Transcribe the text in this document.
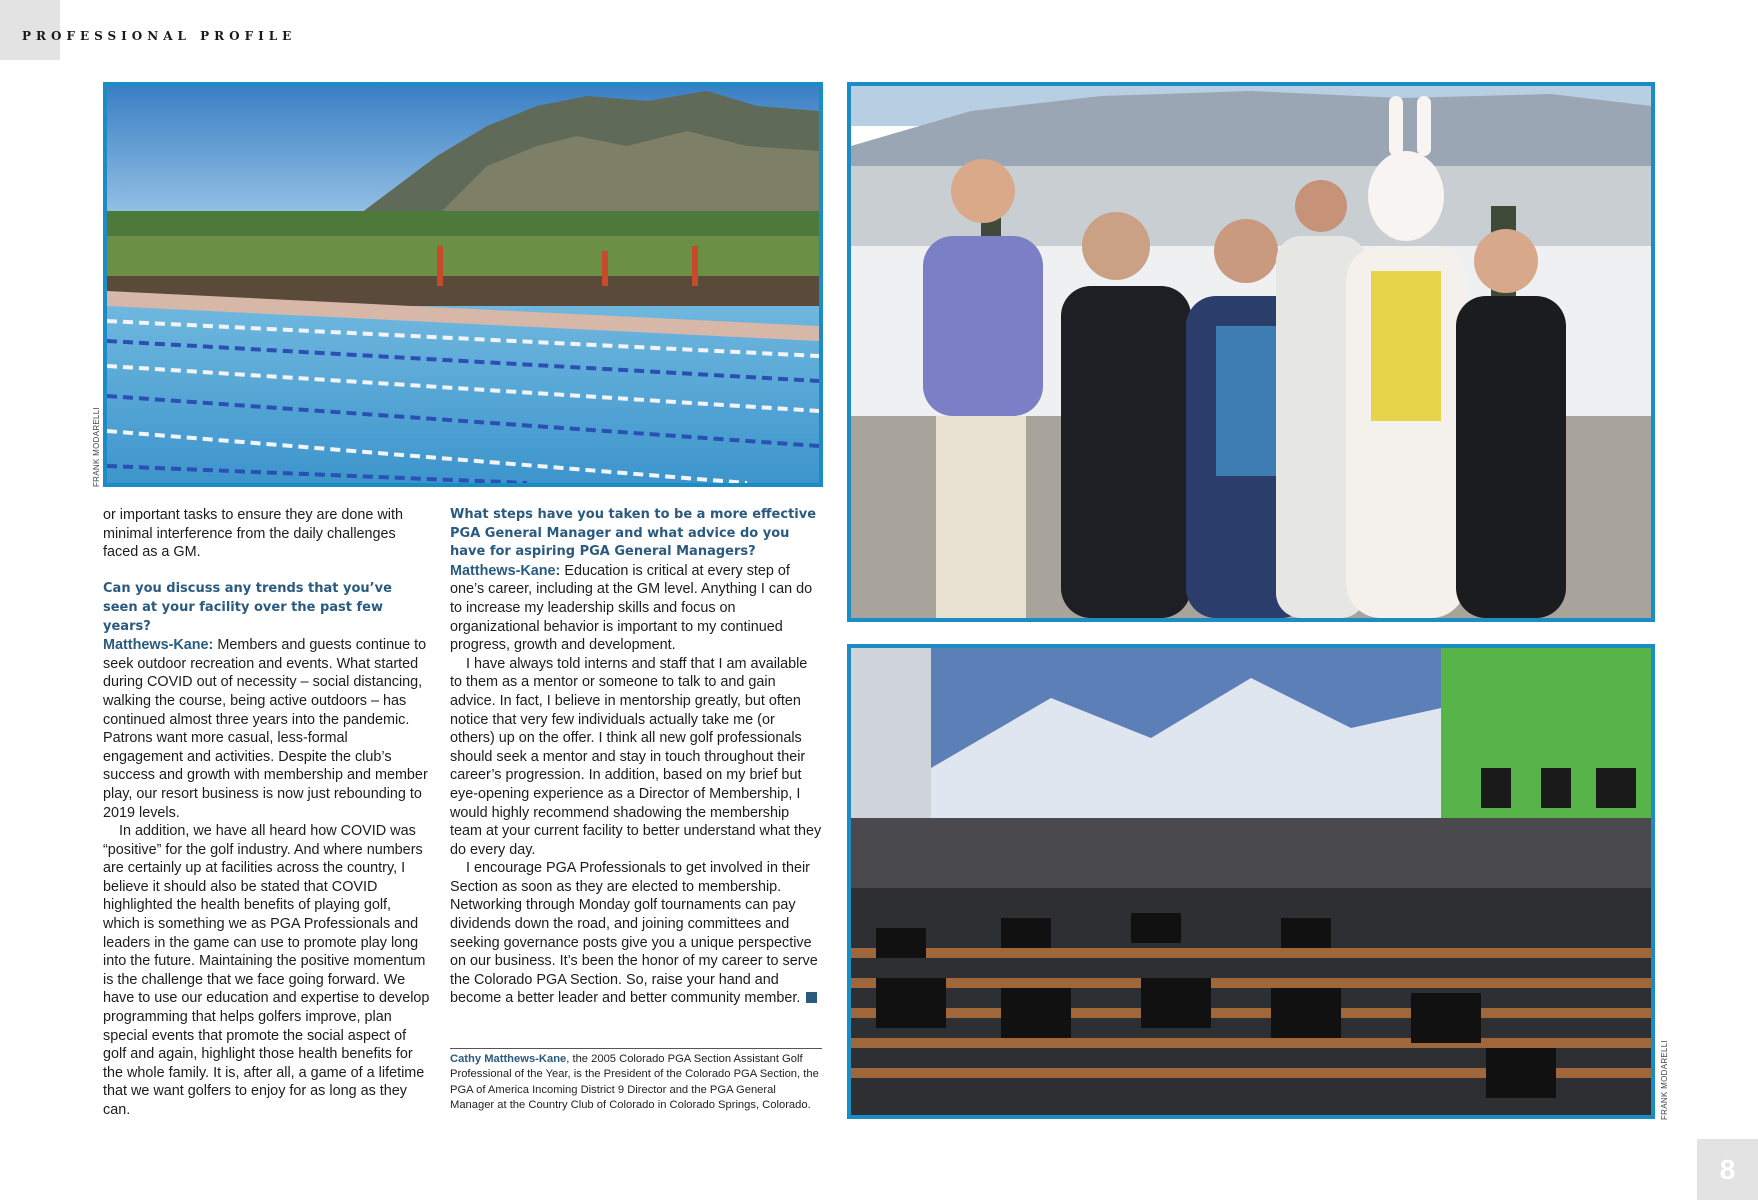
PROFESSIONAL PROFILE
FRANK MODARELLI
FRANK MODARELLI

or important tasks to ensure they are done with minimal interference from the daily challenges faced as a GM.

Can you discuss any trends that you’ve seen at your facility over the past few years?

Matthews-Kane: Members and guests continue to seek outdoor recreation and events. What started during COVID out of necessity – social distancing, walking the course, being active outdoors – has continued almost three years into the pandemic. Patrons want more casual, less-formal engagement and activities. Despite the club’s success and growth with membership and member play, our resort business is now just rebounding to 2019 levels.

In addition, we have all heard how COVID was “positive” for the golf industry. And where numbers are certainly up at facilities across the country, I believe it should also be stated that COVID highlighted the health benefits of playing golf, which is something we as PGA Professionals and leaders in the game can use to promote play long into the future. Maintaining the positive momentum is the challenge that we face going forward. We have to use our education and expertise to develop programming that helps golfers improve, plan special events that promote the social aspect of golf and again, highlight those health benefits for the whole family. It is, after all, a game of a lifetime that we want golfers to enjoy for as long as they can.

What steps have you taken to be a more effective PGA General Manager and what advice do you have for aspiring PGA General Managers?

Matthews-Kane: Education is critical at every step of one’s career, including at the GM level. Anything I can do to increase my leadership skills and focus on organizational behavior is important to my continued progress, growth and development.

I have always told interns and staff that I am available to them as a mentor or someone to talk to and gain advice. In fact, I believe in mentorship greatly, but often notice that very few individuals actually take me (or others) up on the offer. I think all new golf professionals should seek a mentor and stay in touch throughout their career’s progression. In addition, based on my brief but eye-opening experience as a Director of Membership, I would highly recommend shadowing the membership team at your current facility to better understand what they do every day.

I encourage PGA Professionals to get involved in their Section as soon as they are elected to membership. Networking through Monday golf tournaments can pay dividends down the road, and joining committees and seeking governance posts give you a unique perspective on our business. It’s been the honor of my career to serve the Colorado PGA Section. So, raise your hand and become a better leader and better community member.

Cathy Matthews-Kane, the 2005 Colorado PGA Section Assistant Golf Professional of the Year, is the President of the Colorado PGA Section, the PGA of America Incoming District 9 Director and the PGA General Manager at the Country Club of Colorado in Colorado Springs, Colorado.
8
